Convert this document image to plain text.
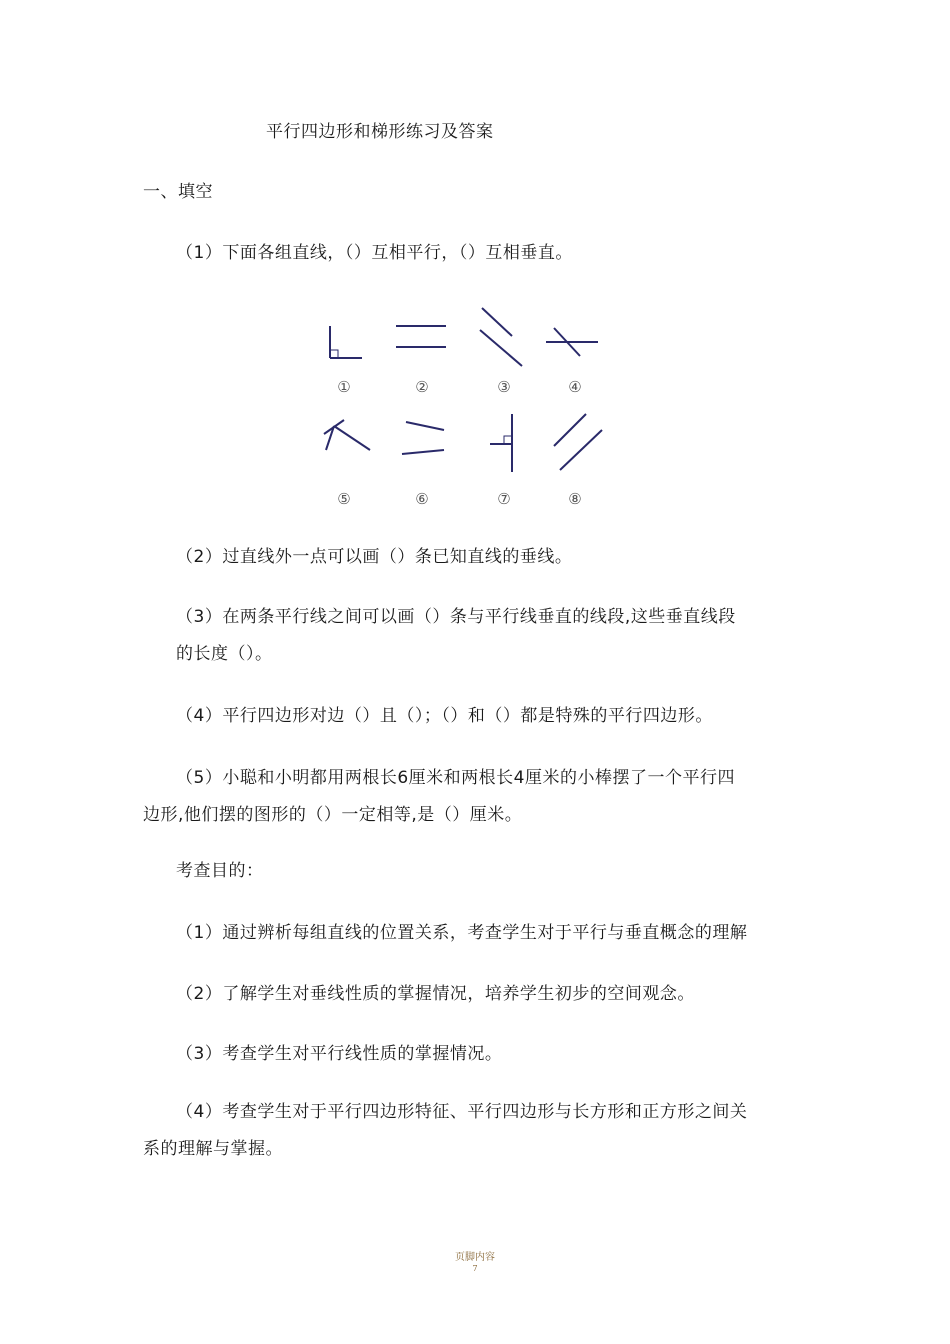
平行四边形和梯形练习及答案
一、填空
（1）下面各组直线，（）互相平行，（）互相垂直。
①	②	③	④
⑤	⑥	⑦	⑧
（2）过直线外一点可以画（）条已知直线的垂线。
（3）在两条平行线之间可以画（）条与平行线垂直的线段,这些垂直线段
的长度（）。
（4）平行四边形对边（）且（）；（）和（）都是特殊的平行四边形。
（5）小聪和小明都用两根长6厘米和两根长4厘米的小棒摆了一个平行四
边形,他们摆的图形的（）一定相等,是（）厘米。
考查目的：
（1）通过辨析每组直线的位置关系，考查学生对于平行与垂直概念的理解
（2）了解学生对垂线性质的掌握情况，培养学生初步的空间观念。
（3）考查学生对平行线性质的掌握情况。
（4）考查学生对于平行四边形特征、平行四边形与长方形和正方形之间关
系的理解与掌握。
页脚内容
7
